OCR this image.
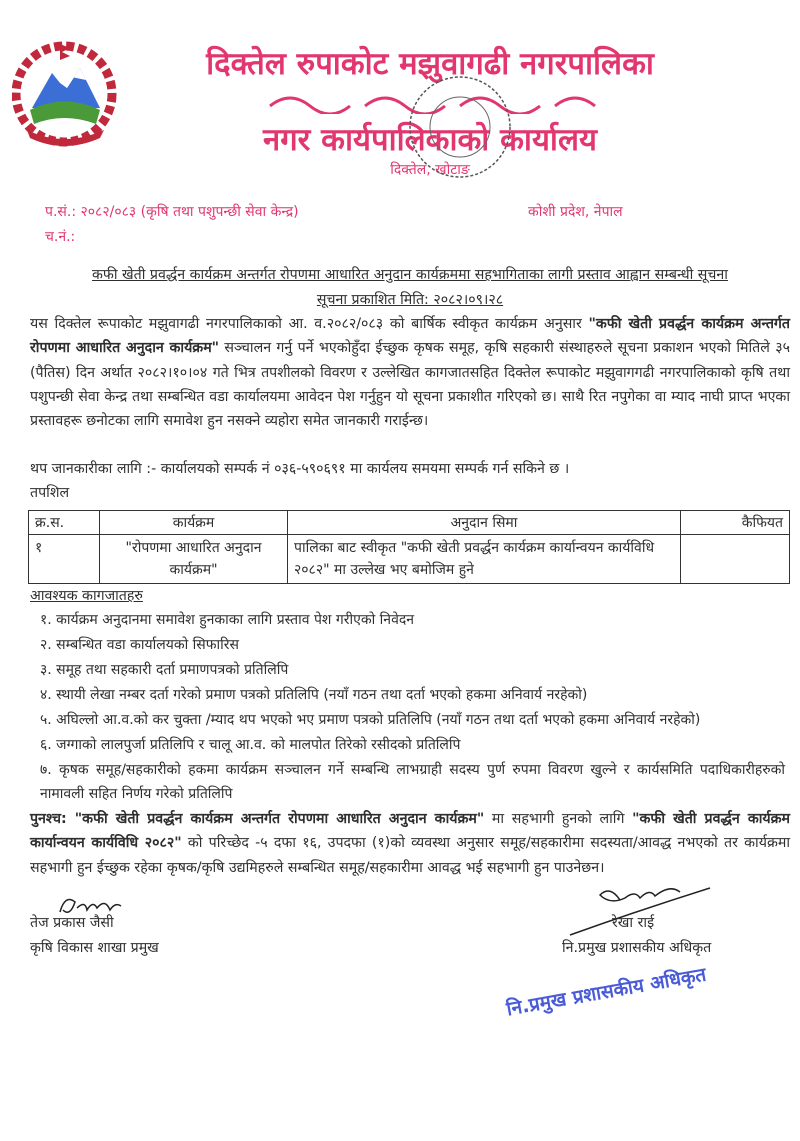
दिक्तेल रुपाकोट मझुवागढी नगरपालिका
नगर कार्यपालिकाको कार्यालय
दिक्तेल, खोटाङ
प.सं.: २०८२/०८३ (कृषि तथा पशुपन्छी सेवा केन्द्र)
च.नं.:
कोशी प्रदेश, नेपाल
कफी खेती प्रवर्द्धन कार्यक्रम अन्तर्गत रोपणमा आधारित अनुदान कार्यक्रममा सहभागिताका लागी प्रस्ताव आह्वान सम्बन्धी सूचना
सूचना प्रकाशित मिति: २०८२।०९।२८
यस दिक्तेल रूपाकोट मझुवागढी नगरपालिकाको आ. व.२०८२/०८३ को बार्षिक स्वीकृत कार्यक्रम अनुसार "कफी खेती प्रवर्द्धन कार्यक्रम अन्तर्गत रोपणमा आधारित अनुदान कार्यक्रम" सञ्चालन गर्नु पर्ने भएकोहुँदा ईच्छुक कृषक समूह, कृषि सहकारी संस्थाहरुले सूचना प्रकाशन भएको मितिले ३५ (पैतिस) दिन अर्थात २०८२।१०।०४ गते भित्र तपशीलको विवरण र उल्लेखित कागजातसहित दिक्तेल रूपाकोट मझुवागगढी नगरपालिकाको कृषि तथा पशुपन्छी सेवा केन्द्र तथा सम्बन्धित वडा कार्यालयमा आवेदन पेश गर्नुहुन यो सूचना प्रकाशीत गरिएको छ। साथै रित नपुगेका वा म्याद नाघी प्राप्त भएका प्रस्तावहरू छनोटका लागि समावेश हुन नसक्ने व्यहोरा समेत जानकारी गराईन्छ।
थप जानकारीका लागि :- कार्यालयको सम्पर्क नं ०३६-५९०६९१ मा कार्यलय समयमा सम्पर्क गर्न सकिने छ ।
तपशिल
क्र.स.	कार्यक्रम	अनुदान सिमा	कैफियत
१	"रोपणमा आधारित अनुदान कार्यक्रम"	पालिका बाट स्वीकृत "कफी खेती प्रवर्द्धन कार्यक्रम कार्यान्वयन कार्यविधि २०८२" मा उल्लेख भए बमोजिम हुने	
आवश्यक कागजातहरु
१. कार्यक्रम अनुदानमा समावेश हुनकाका लागि प्रस्ताव पेश गरीएको निवेदन
२. सम्बन्धित वडा कार्यालयको सिफारिस
३. समूह तथा सहकारी दर्ता प्रमाणपत्रको प्रतिलिपि
४. स्थायी लेखा नम्बर दर्ता गरेको प्रमाण पत्रको प्रतिलिपि (नयाँ गठन तथा दर्ता भएको हकमा अनिवार्य नरहेको)
५. अघिल्लो आ.व.को कर चुक्ता /म्याद थप भएको भए प्रमाण पत्रको प्रतिलिपि (नयाँ गठन तथा दर्ता भएको हकमा अनिवार्य नरहेको)
६. जग्गाको लालपुर्जा प्रतिलिपि र चालू आ.व. को मालपोत तिरेको रसीदको प्रतिलिपि
७. कृषक समूह/सहकारीको हकमा कार्यक्रम सञ्चालन गर्ने सम्बन्धि लाभग्राही सदस्य पुर्ण रुपमा विवरण खुल्ने र कार्यसमिति पदाधिकारीहरुको नामावली सहित निर्णय गरेको प्रतिलिपि
पुनश्च: "कफी खेती प्रवर्द्धन कार्यक्रम अन्तर्गत रोपणमा आधारित अनुदान कार्यक्रम" मा सहभागी हुनको लागि "कफी खेती प्रवर्द्धन कार्यक्रम कार्यान्वयन कार्यविधि २०८२" को परिच्छेद -५ दफा १६, उपदफा (१)को व्यवस्था अनुसार समूह/सहकारीमा सदस्यता/आवद्ध नभएको तर कार्यक्रमा सहभागी हुन ईच्छुक रहेका कृषक/कृषि उद्यमिहरुले सम्बन्धित समूह/सहकारीमा आवद्ध भई सहभागी हुन पाउनेछन।
तेज प्रकास जैसी
कृषि विकास शाखा प्रमुख
रेखा राई
नि.प्रमुख प्रशासकीय अधिकृत
नि.प्रमुख प्रशासकीय अधिकृत
